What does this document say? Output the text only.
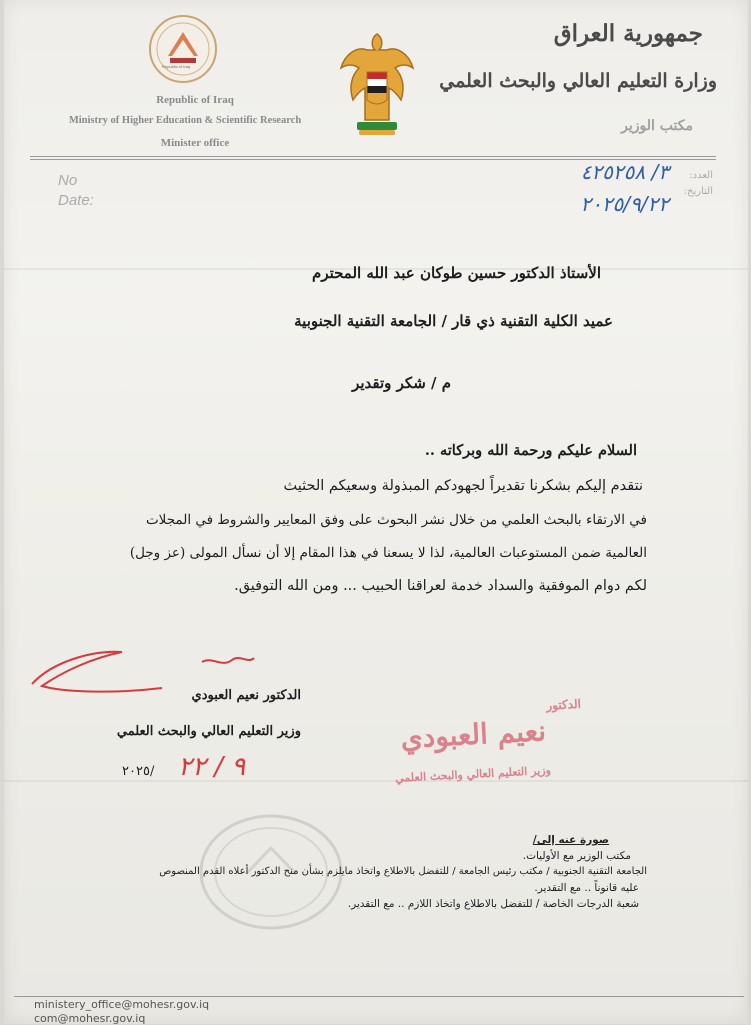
Republic of Iraq
Republic of Iraq
Ministry of Higher Education & Scientific Research
Minister office
جمهورية العراق
وزارة التعليم العالي والبحث العلمي
مكتب الوزير
No
Date:
العدد:
التاريخ:
٣/ ٤٢٥٢٥٨
٢٠٢٥/٩/٢٢
الأستاذ الدكتور حسين طوكان عبد الله المحترم
عميد الكلية التقنية ذي قار / الجامعة التقنية الجنوبية
م / شكر وتقدير
السلام عليكم ورحمة الله وبركاته ..
نتقدم إليكم بشكرنا تقديراً لجهودكم المبذولة وسعيكم الحثيث
في الارتقاء بالبحث العلمي من خلال نشر البحوث على وفق المعايير والشروط في المجلات
العالمية ضمن المستوعبات العالمية، لذا لا يسعنا في هذا المقام إلا أن نسأل المولى (عز وجل)
لكم دوام الموفقية والسداد خدمة لعراقنا الحبيب ... ومن الله التوفيق.
الدكتور نعيم العبودي
وزير التعليم العالي والبحث العلمي
٩ / ٢٢
٢٠٢٥/
الدكتور
نعيم العبودي
وزير التعليم العالي والبحث العلمي
صورة عنه إلى/
مكتب الوزير مع الأوليات.
الجامعة التقنية الجنوبية / مكتب رئيس الجامعة / للتفضل بالاطلاع واتخاذ مايلزم بشأن منح الدكتور أعلاه القدم المنصوص
عليه قانوناً .. مع التقدير.
شعبة الدرجات الخاصة / للتفضل بالاطلاع واتخاذ اللازم .. مع التقدير.
ministery_office@mohesr.gov.iq
com@mohesr.gov.iq
